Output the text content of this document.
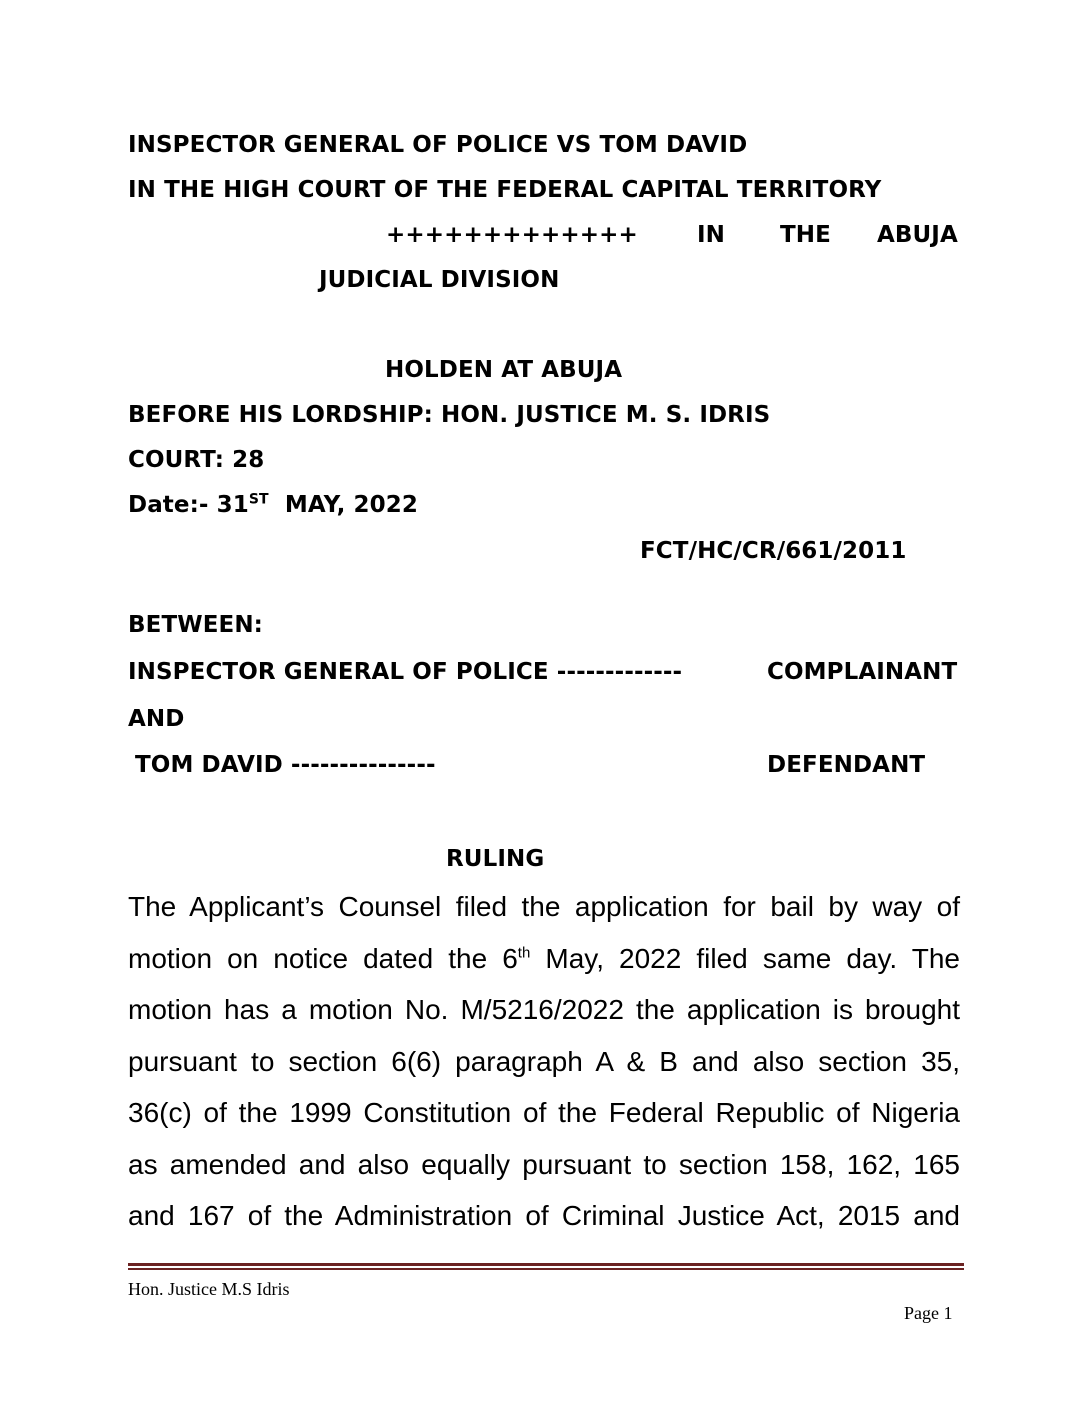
INSPECTOR GENERAL OF POLICE VS TOM DAVID
IN THE HIGH COURT OF THE FEDERAL CAPITAL TERRITORY
+++++++++++++	IN THE ABUJA
JUDICIAL DIVISION
HOLDEN AT ABUJA
BEFORE HIS LORDSHIP: HON. JUSTICE M. S. IDRIS
COURT: 28
Date:- 31ST  MAY, 2022
FCT/HC/CR/661/2011
BETWEEN:
INSPECTOR GENERAL OF POLICE -------------	COMPLAINANT
AND
TOM DAVID ---------------	DEFENDANT
RULING
The Applicant’s Counsel filed the application for bail by way of
motion on notice dated the 6th May, 2022 filed same day. The
motion has a motion No. M/5216/2022 the application is brought
pursuant to section 6(6) paragraph A & B and also section 35,
36(c) of the 1999 Constitution of the Federal Republic of Nigeria
as amended and also equally pursuant to section 158, 162, 165
and 167 of the Administration of Criminal Justice Act, 2015 and
Hon. Justice M.S Idris
Page 1
